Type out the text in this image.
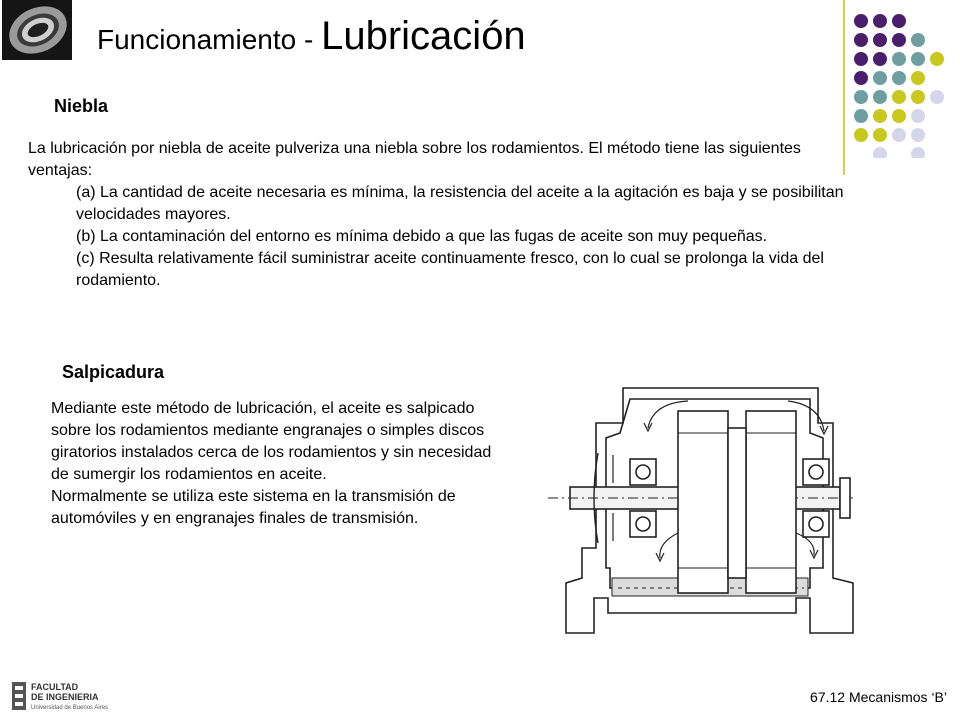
Funcionamiento - Lubricación
Niebla

La lubricación por niebla de aceite pulveriza una niebla sobre los rodamientos. El método tiene las siguientes ventajas:

(a) La cantidad de aceite necesaria es mínima, la resistencia del aceite a la agitación es baja y se posibilitan velocidades mayores.

(b) La contaminación del entorno es mínima debido a que las fugas de aceite son muy pequeñas.

(c) Resulta relativamente fácil suministrar aceite continuamente fresco, con lo cual se prolonga la vida del rodamiento.

Salpicadura

Mediante este método de lubricación, el aceite es salpicado sobre los rodamientos mediante engranajes o simples discos giratorios instalados cerca de los rodamientos y sin necesidad de sumergir los rodamientos en aceite.

Normalmente se utiliza este sistema en la transmisión de automóviles y en engranajes finales de transmisión.

FACULTAD
DE INGENIERIA
Universidad de Buenos Aires
67.12 Mecanismos ‘B’
